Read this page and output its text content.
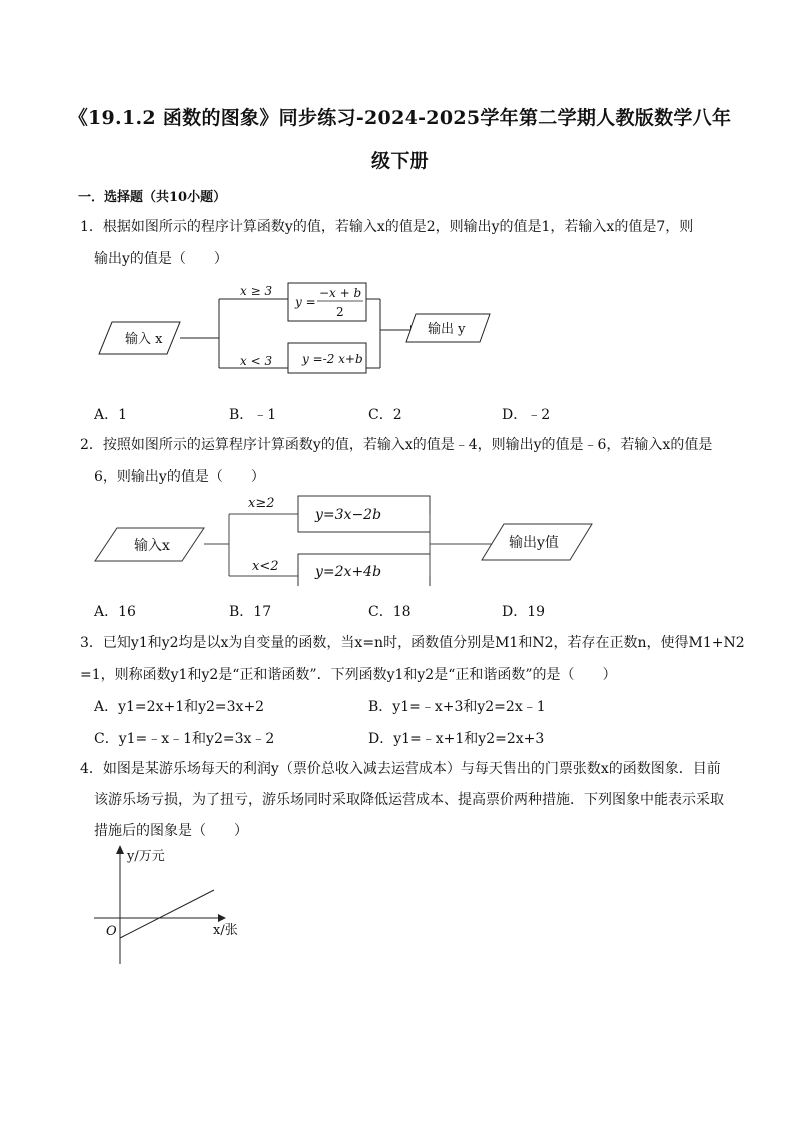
《19.1.2 函数的图象》同步练习-2024-2025学年第二学期人教版数学八年
级下册
一．选择题（共10小题）
1．根据如图所示的程序计算函数y的值，若输入x的值是2，则输出y的值是1，若输入x的值是7，则
输出y的值是（　　）
输入 x
x ≥ 3
x < 3
y =
−x + b
2
y =-2 x+b
输出 y
A．1	B．﹣1	C．2	D．﹣2
2．按照如图所示的运算程序计算函数y的值，若输入x的值是﹣4，则输出y的值是﹣6，若输入x的值是
6，则输出y的值是（　　）
输入x
x≥2
x<2
y=3x−2b
y=2x+4b
输出y值
A．16	B．17	C．18	D．19
3．已知y1和y2均是以x为自变量的函数，当x=n时，函数值分别是M1和N2，若存在正数n，使得M1+N2
=1，则称函数y1和y2是“正和谐函数”．下列函数y1和y2是“正和谐函数”的是（　　）
A．y1=2x+1和y2=3x+2	B．y1=﹣x+3和y2=2x﹣1
C．y1=﹣x﹣1和y2=3x﹣2	D．y1=﹣x+1和y2=2x+3
4．如图是某游乐场每天的利润y（票价总收入减去运营成本）与每天售出的门票张数x的函数图象．目前
该游乐场亏损，为了扭亏，游乐场同时采取降低运营成本、提高票价两种措施．下列图象中能表示采取
措施后的图象是（　　）
y/万元
x/张
O
